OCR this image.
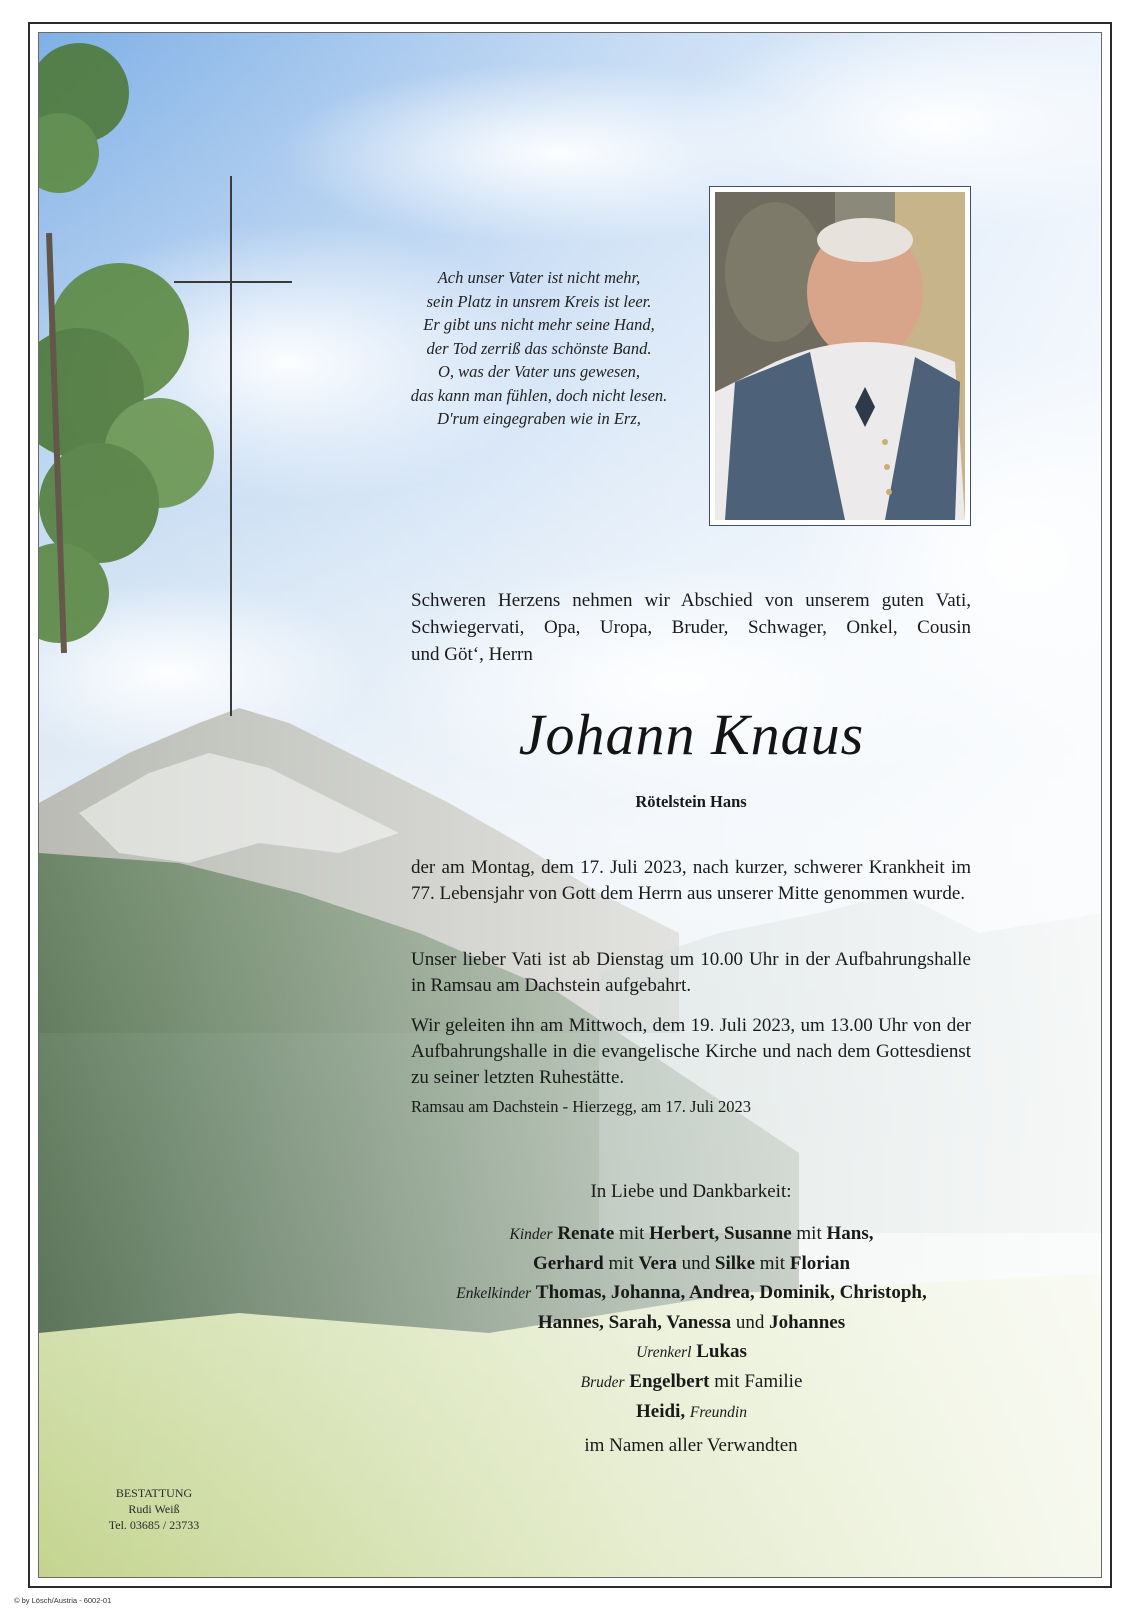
Ach unser Vater ist nicht mehr,
sein Platz in unsrem Kreis ist leer.
Er gibt uns nicht mehr seine Hand,
der Tod zerriß das schönste Band.
O, was der Vater uns gewesen,
das kann man fühlen, doch nicht lesen.
D'rum eingegraben wie in Erz,
Schweren Herzens nehmen wir Abschied von unserem guten Vati,
Schwiegervati, Opa, Uropa, Bruder, Schwager, Onkel, Cousin
und Göt‘, Herrn
Johann Knaus
Rötelstein Hans
der am Montag, dem 17. Juli 2023, nach kurzer, schwerer Krankheit im 77. Lebensjahr von Gott dem Herrn aus unserer Mitte genommen wurde.
Unser lieber Vati ist ab Dienstag um 10.00 Uhr in der Aufbahrungshalle in Ramsau am Dachstein aufgebahrt.
Wir geleiten ihn am Mittwoch, dem 19. Juli 2023, um 13.00 Uhr von der Aufbahrungshalle in die evangelische Kirche und nach dem Gottesdienst zu seiner letzten Ruhestätte.
Ramsau am Dachstein - Hierzegg, am 17. Juli 2023
In Liebe und Dankbarkeit:
Kinder Renate mit Herbert, Susanne mit Hans,
Gerhard mit Vera und Silke mit Florian
Enkelkinder Thomas, Johanna, Andrea, Dominik, Christoph,
Hannes, Sarah, Vanessa und Johannes
Urenkerl Lukas
Bruder Engelbert mit Familie
Heidi, Freundin
im Namen aller Verwandten
BESTATTUNG
Rudi Weiß
Tel. 03685 / 23733
© by Lösch/Austria - 6002-01
